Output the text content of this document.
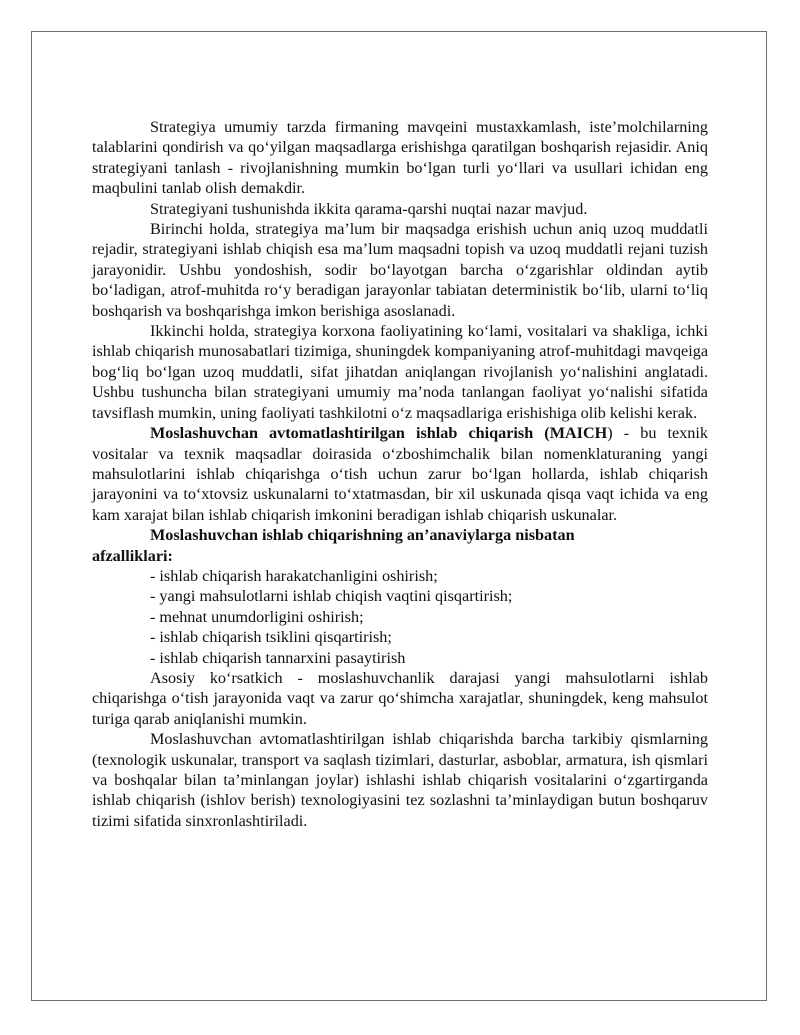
Strategiya umumiy tarzda firmaning mavqeini mustaxkamlash, iste’molchilarning talablarini qondirish va qo‘yilgan maqsadlarga erishishga qaratilgan boshqarish rejasidir. Aniq strategiyani tanlash - rivojlanishning mumkin bo‘lgan turli yo‘llari va usullari ichidan eng maqbulini tanlab olish demakdir.

Strategiyani tushunishda ikkita qarama-qarshi nuqtai nazar mavjud.

Birinchi holda, strategiya ma’lum bir maqsadga erishish uchun aniq uzoq muddatli rejadir, strategiyani ishlab chiqish esa ma’lum maqsadni topish va uzoq muddatli rejani tuzish jarayonidir. Ushbu yondoshish, sodir bo‘layotgan barcha o‘zgarishlar oldindan aytib bo‘ladigan, atrof-muhitda ro‘y beradigan jarayonlar tabiatan deterministik bo‘lib, ularni to‘liq boshqarish va boshqarishga imkon berishiga asoslanadi.

Ikkinchi holda, strategiya korxona faoliyatining ko‘lami, vositalari va shakliga, ichki ishlab chiqarish munosabatlari tizimiga, shuningdek kompaniyaning atrof-muhitdagi mavqeiga bog‘liq bo‘lgan uzoq muddatli, sifat jihatdan aniqlangan rivojlanish yo‘nalishini anglatadi. Ushbu tushuncha bilan strategiyani umumiy ma’noda tanlangan faoliyat yo‘nalishi sifatida tavsiflash mumkin, uning faoliyati tashkilotni o‘z maqsadlariga erishishiga olib kelishi kerak.

Moslashuvchan avtomatlashtirilgan ishlab chiqarish (MAICH) - bu texnik vositalar va texnik maqsadlar doirasida o‘zboshimchalik bilan nomenklaturaning yangi mahsulotlarini ishlab chiqarishga o‘tish uchun zarur bo‘lgan hollarda, ishlab chiqarish jarayonini va to‘xtovsiz uskunalarni to‘xtatmasdan, bir xil uskunada qisqa vaqt ichida va eng kam xarajat bilan ishlab chiqarish imkonini beradigan ishlab chiqarish uskunalar.

Moslashuvchan ishlab chiqarishning an’anaviylarga nisbatan

afzalliklari:

- ishlab chiqarish harakatchanligini oshirish;
- yangi mahsulotlarni ishlab chiqish vaqtini qisqartirish;
- mehnat unumdorligini oshirish;
- ishlab chiqarish tsiklini qisqartirish;
- ishlab chiqarish tannarxini pasaytirish

Asosiy ko‘rsatkich - moslashuvchanlik darajasi yangi mahsulotlarni ishlab chiqarishga o‘tish jarayonida vaqt va zarur qo‘shimcha xarajatlar, shuningdek, keng mahsulot turiga qarab aniqlanishi mumkin.

Moslashuvchan avtomatlashtirilgan ishlab chiqarishda barcha tarkibiy qismlarning (texnologik uskunalar, transport va saqlash tizimlari, dasturlar, asboblar, armatura, ish qismlari va boshqalar bilan ta’minlangan joylar) ishlashi ishlab chiqarish vositalarini o‘zgartirganda ishlab chiqarish (ishlov berish) texnologiyasini tez sozlashni ta’minlaydigan butun boshqaruv tizimi sifatida sinxronlashtiriladi.
